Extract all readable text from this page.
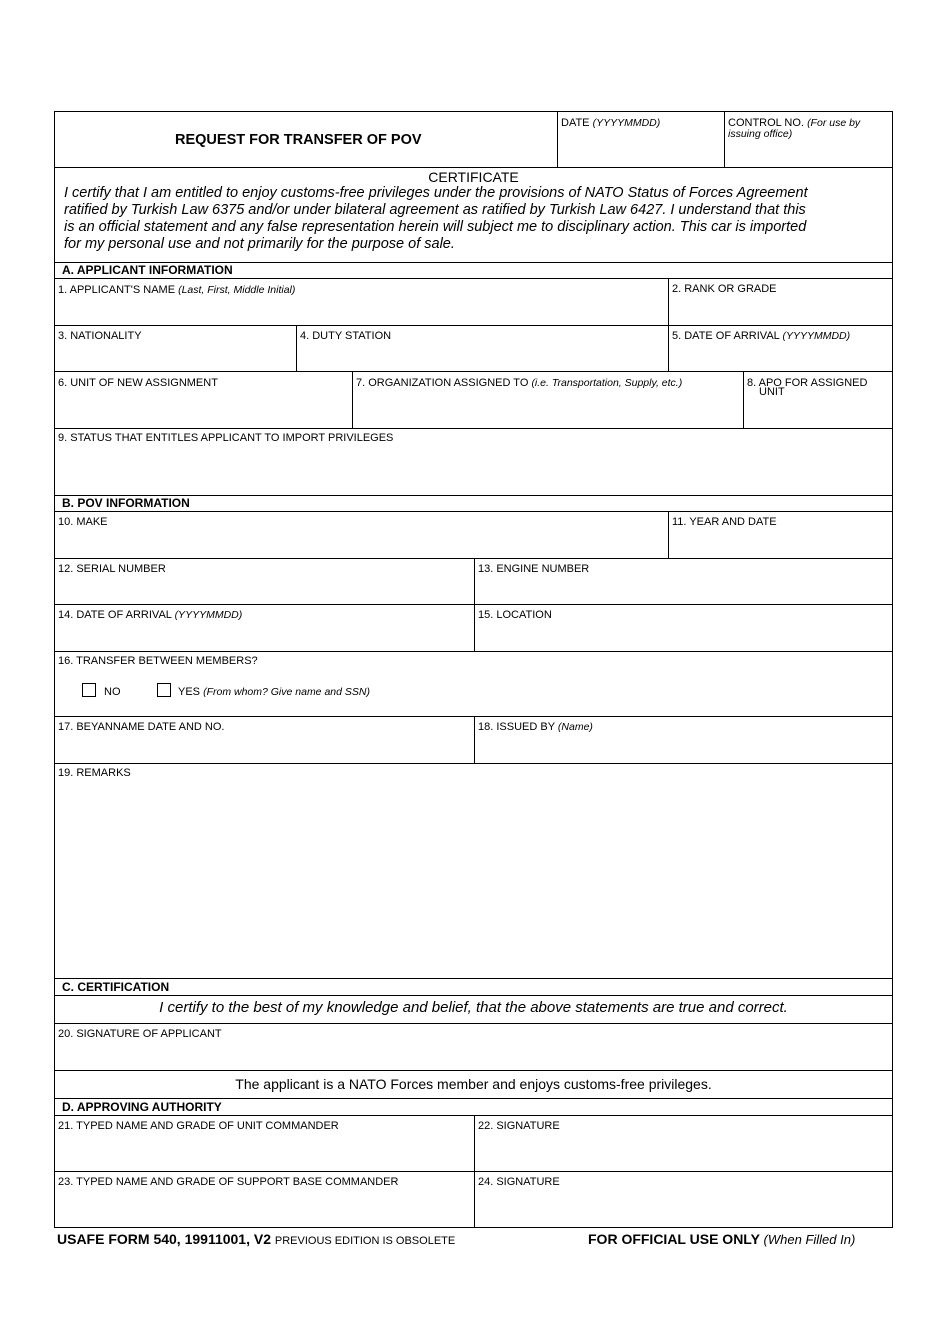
REQUEST FOR TRANSFER OF POV
DATE (YYYYMMDD)	CONTROL NO. (For use by
issuing office)
CERTIFICATE
I certify that I am entitled to enjoy customs-free privileges under the provisions of NATO Status of Forces Agreement
ratified by Turkish Law 6375 and/or under bilateral agreement as ratified by Turkish Law 6427. I understand that this
is an official statement and any false representation herein will subject me to disciplinary action. This car is imported
for my personal use and not primarily for the purpose of sale.
A. APPLICANT INFORMATION
1. APPLICANT'S NAME (Last, First, Middle Initial)	2. RANK OR GRADE
3. NATIONALITY	4. DUTY STATION	5. DATE OF ARRIVAL (YYYYMMDD)
6. UNIT OF NEW ASSIGNMENT	7. ORGANIZATION ASSIGNED TO (i.e. Transportation, Supply, etc.)	8. APO FOR ASSIGNED
UNIT
9. STATUS THAT ENTITLES APPLICANT TO IMPORT PRIVILEGES
B. POV INFORMATION
10. MAKE	11. YEAR AND DATE
12. SERIAL NUMBER	13. ENGINE NUMBER
14. DATE OF ARRIVAL (YYYYMMDD)	15. LOCATION
16. TRANSFER BETWEEN MEMBERS?
NO	YES (From whom? Give name and SSN)
17. BEYANNAME DATE AND NO.	18. ISSUED BY (Name)
19. REMARKS
C. CERTIFICATION
I certify to the best of my knowledge and belief, that the above statements are true and correct.
20. SIGNATURE OF APPLICANT
The applicant is a NATO Forces member and enjoys customs-free privileges.
D. APPROVING AUTHORITY
21. TYPED NAME AND GRADE OF UNIT COMMANDER	22. SIGNATURE
23. TYPED NAME AND GRADE OF SUPPORT BASE COMMANDER	24. SIGNATURE
USAFE FORM 540, 19911001, V2 PREVIOUS EDITION IS OBSOLETE	FOR OFFICIAL USE ONLY (When Filled In)
